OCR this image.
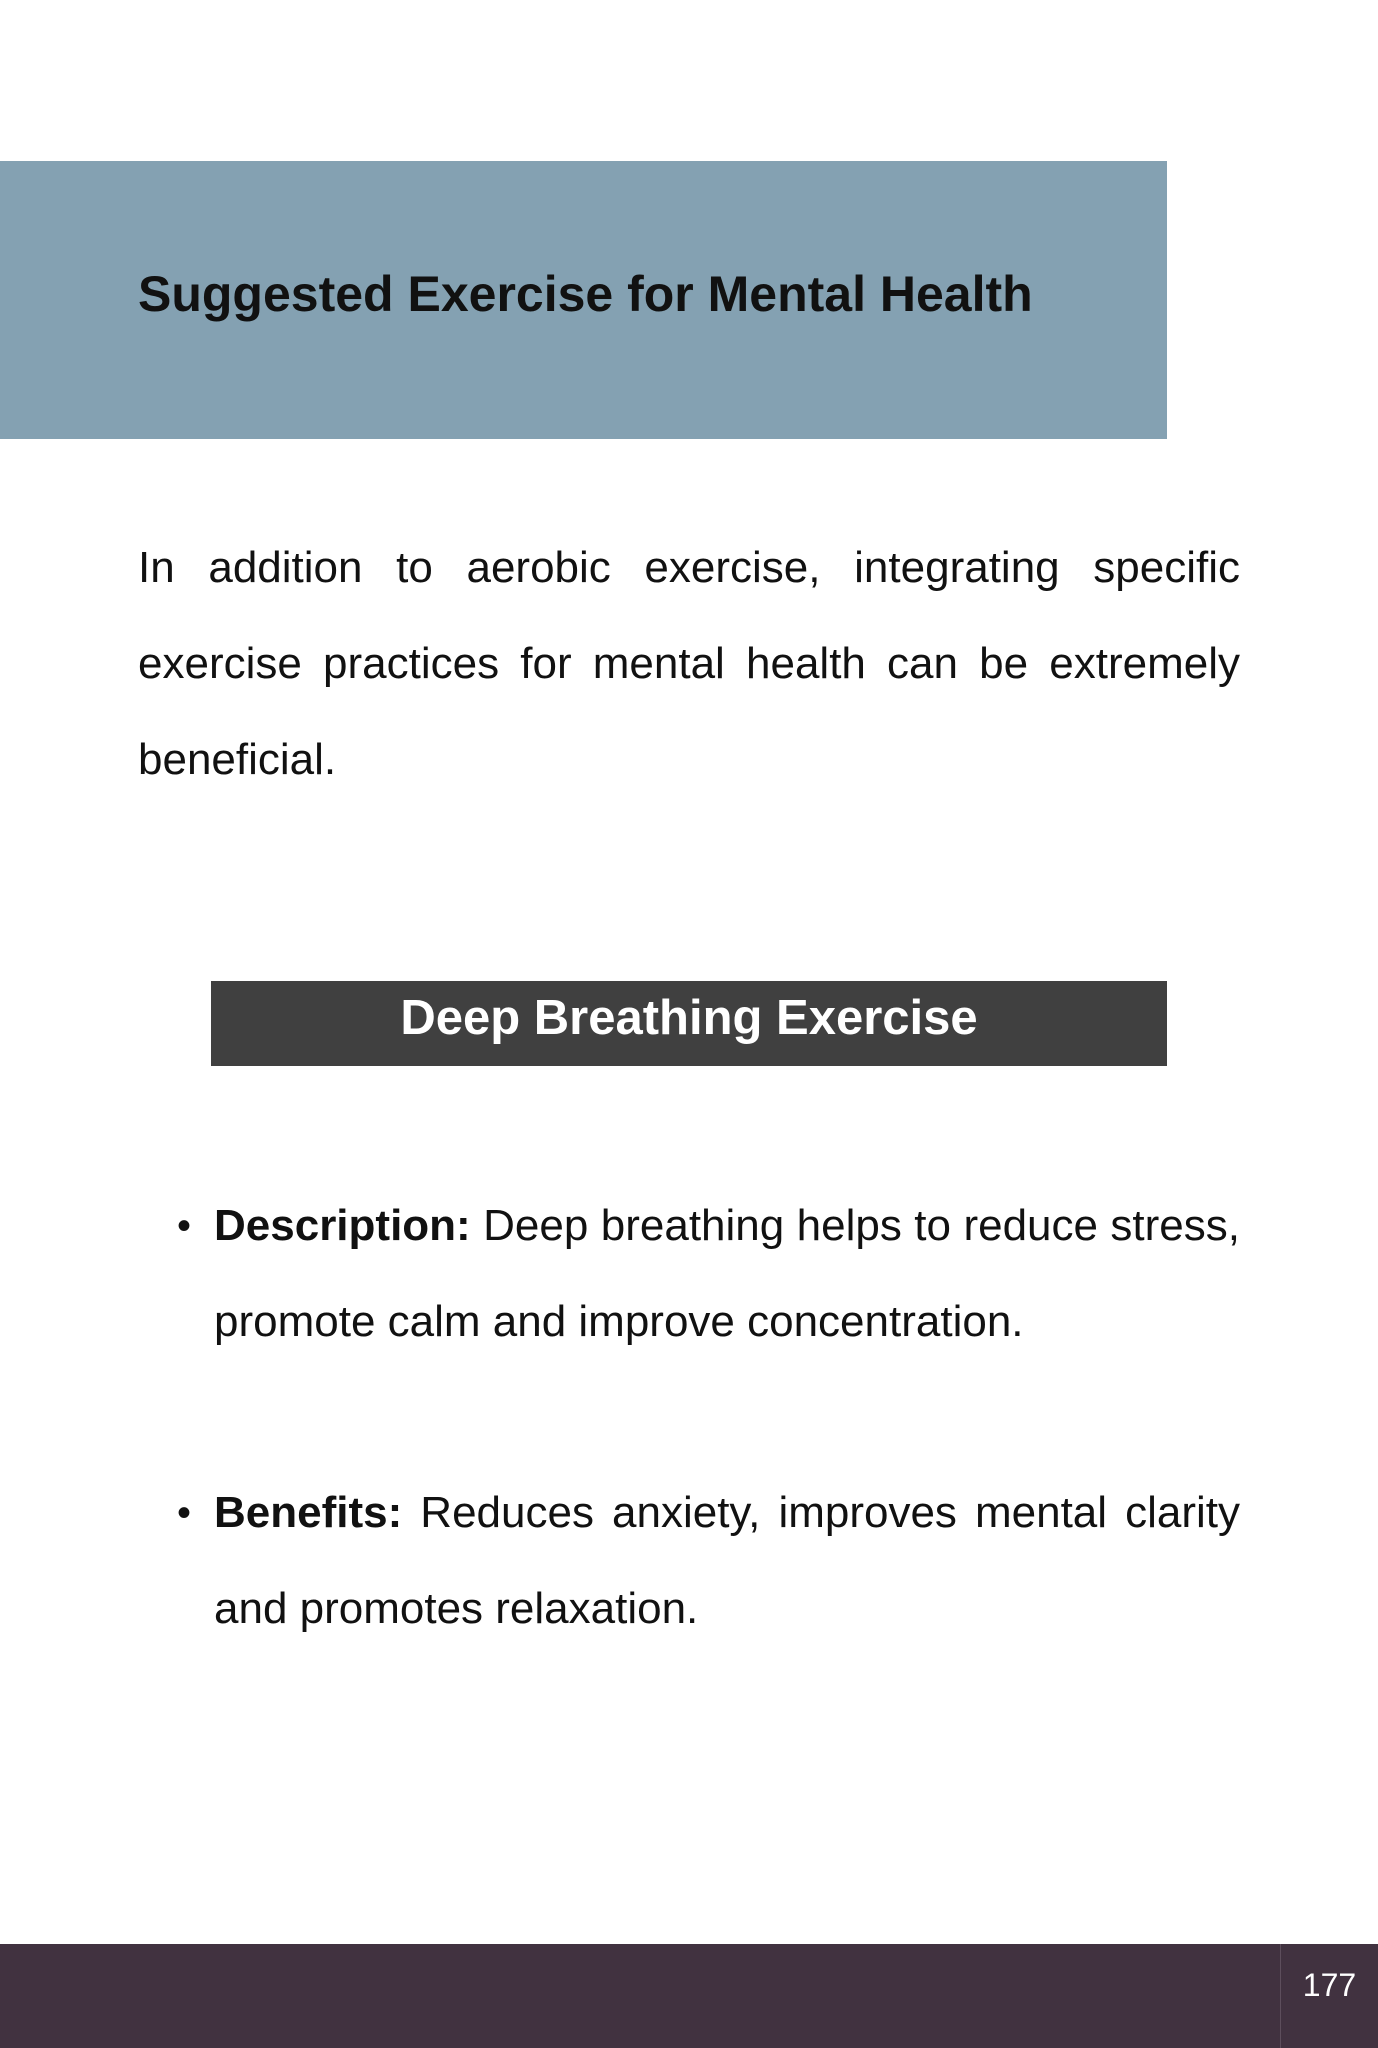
Suggested Exercise for Mental Health

In addition to aerobic exercise, integrating specific exercise practices for mental health can be extremely beneficial.

Deep Breathing Exercise
• Description: Deep breathing helps to reduce stress, promote calm and improve concentration.
• Benefits: Reduces anxiety, improves mental clarity and promotes relaxation.
177
